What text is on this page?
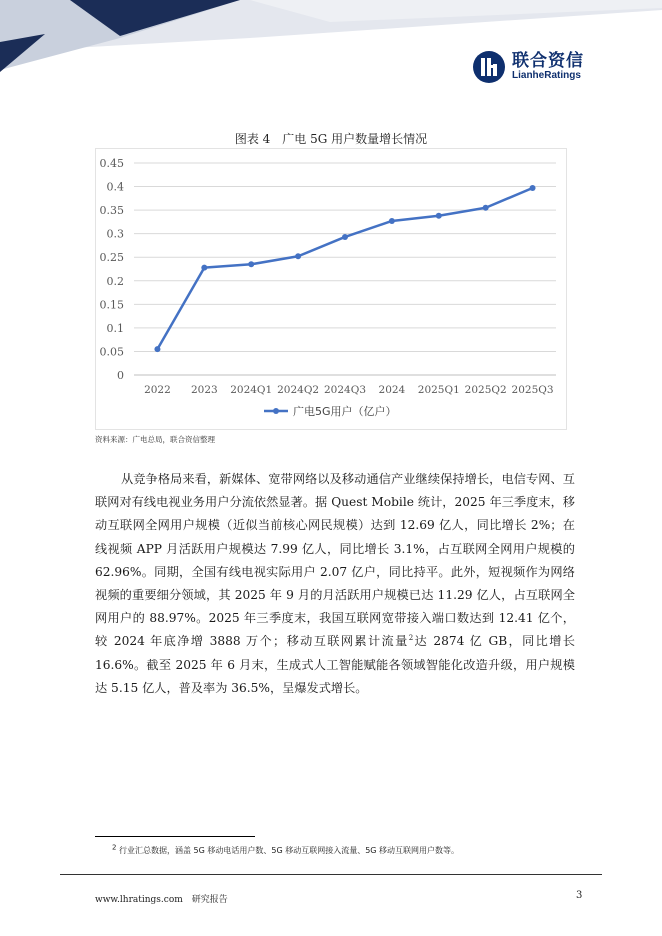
联合资信
LianheRatings
图表 4　广电 5G 用户数量增长情况
0.45
0.4
0.35
0.3
0.25
0.2
0.15
0.1
0.05
0
2022 2023 2024Q1 2024Q2 2024Q3 2024 2025Q1 2025Q2 2025Q3
广电5G用户（亿户）
资料来源：广电总局，联合资信整理

从竞争格局来看，新媒体、宽带网络以及移动通信产业继续保持增长，电信专网、互联网对有线电视业务用户分流依然显著。据 Quest Mobile 统计，2025 年三季度末，移动互联网全网用户规模（近似当前核心网民规模）达到 12.69 亿人，同比增长 2%；在线视频 APP 月活跃用户规模达 7.99 亿人，同比增长 3.1%，占互联网全网用户规模的 62.96%。同期，全国有线电视实际用户 2.07 亿户，同比持平。此外，短视频作为网络视频的重要细分领域，其 2025 年 9 月的月活跃用户规模已达 11.29 亿人，占互联网全网用户的 88.97%。2025 年三季度末，我国互联网宽带接入端口数达到 12.41 亿个，较 2024 年底净增 3888 万个；移动互联网累计流量$^2$达 2874 亿 GB，同比增长 16.6%。截至 2025 年 6 月末，生成式人工智能赋能各领域智能化改造升级，用户规模达 5.15 亿人，普及率为 36.5%，呈爆发式增长。

$^2$ 行业汇总数据，涵盖 5G 移动电话用户数、5G 移动互联网接入流量、5G 移动互联网用户数等。
www.lhratings.com　研究报告	3
